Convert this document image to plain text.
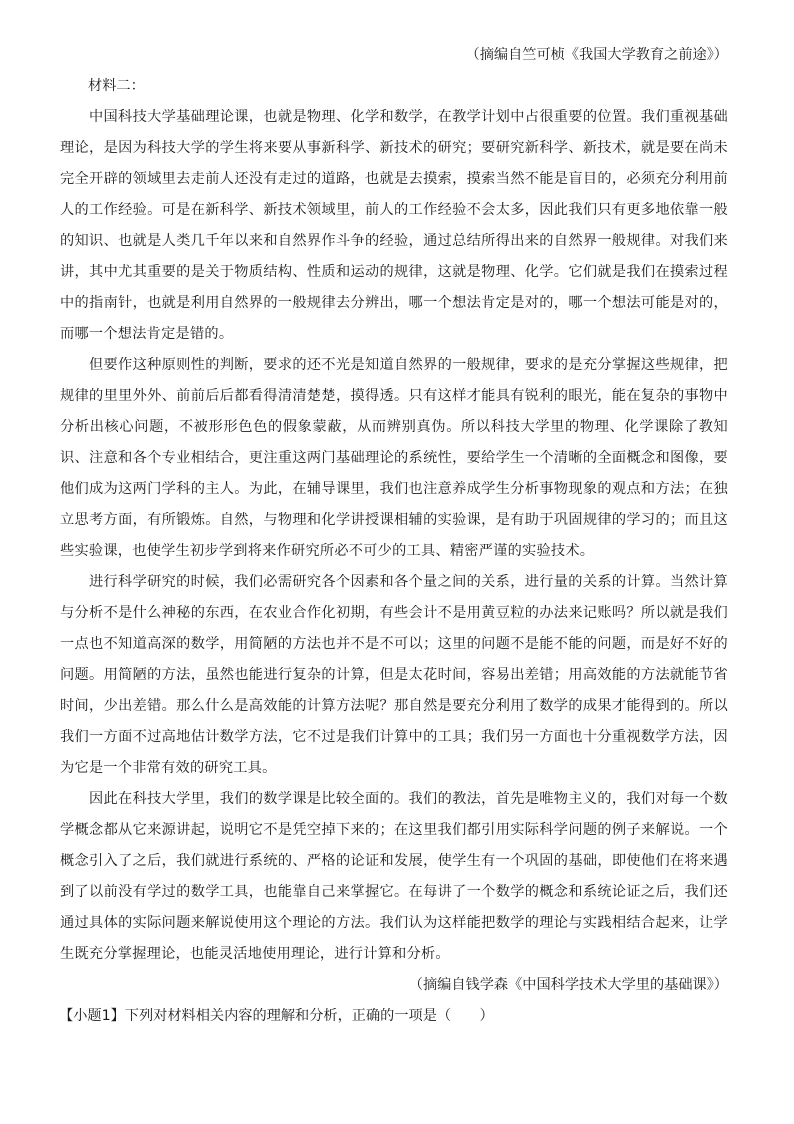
（摘编自竺可桢《我国大学教育之前途》）

材料二：

中国科技大学基础理论课，也就是物理、化学和数学，在教学计划中占很重要的位置。我们重视基础理论，是因为科技大学的学生将来要从事新科学、新技术的研究；要研究新科学、新技术，就是要在尚未完全开辟的领域里去走前人还没有走过的道路，也就是去摸索，摸索当然不能是盲目的，必须充分利用前人的工作经验。可是在新科学、新技术领域里，前人的工作经验不会太多，因此我们只有更多地依靠一般的知识、也就是人类几千年以来和自然界作斗争的经验，通过总结所得出来的自然界一般规律。对我们来讲，其中尤其重要的是关于物质结构、性质和运动的规律，这就是物理、化学。它们就是我们在摸索过程中的指南针，也就是利用自然界的一般规律去分辨出，哪一个想法肯定是对的，哪一个想法可能是对的，而哪一个想法肯定是错的。

但要作这种原则性的判断，要求的还不光是知道自然界的一般规律，要求的是充分掌握这些规律，把规律的里里外外、前前后后都看得清清楚楚，摸得透。只有这样才能具有锐利的眼光，能在复杂的事物中分析出核心问题，不被形形色色的假象蒙蔽，从而辨别真伪。所以科技大学里的物理、化学课除了教知识、注意和各个专业相结合，更注重这两门基础理论的系统性，要给学生一个清晰的全面概念和图像，要他们成为这两门学科的主人。为此，在辅导课里，我们也注意养成学生分析事物现象的观点和方法；在独立思考方面，有所锻炼。自然，与物理和化学讲授课相辅的实验课，是有助于巩固规律的学习的；而且这些实验课，也使学生初步学到将来作研究所必不可少的工具、精密严谨的实验技术。

进行科学研究的时候，我们必需研究各个因素和各个量之间的关系，进行量的关系的计算。当然计算与分析不是什么神秘的东西，在农业合作化初期，有些会计不是用黄豆粒的办法来记账吗？所以就是我们一点也不知道高深的数学，用简陋的方法也并不是不可以；这里的问题不是能不能的问题，而是好不好的问题。用简陋的方法，虽然也能进行复杂的计算，但是太花时间，容易出差错；用高效能的方法就能节省时间，少出差错。那么什么是高效能的计算方法呢？那自然是要充分利用了数学的成果才能得到的。所以我们一方面不过高地估计数学方法，它不过是我们计算中的工具；我们另一方面也十分重视数学方法，因为它是一个非常有效的研究工具。

因此在科技大学里，我们的数学课是比较全面的。我们的教法，首先是唯物主义的，我们对每一个数学概念都从它来源讲起，说明它不是凭空掉下来的；在这里我们都引用实际科学问题的例子来解说。一个概念引入了之后，我们就进行系统的、严格的论证和发展，使学生有一个巩固的基础，即使他们在将来遇到了以前没有学过的数学工具，也能靠自己来掌握它。在每讲了一个数学的概念和系统论证之后，我们还通过具体的实际问题来解说使用这个理论的方法。我们认为这样能把数学的理论与实践相结合起来，让学生既充分掌握理论，也能灵活地使用理论，进行计算和分析。

（摘编自钱学森《中国科学技术大学里的基础课》）

【小题1】下列对材料相关内容的理解和分析，正确的一项是（　　）
